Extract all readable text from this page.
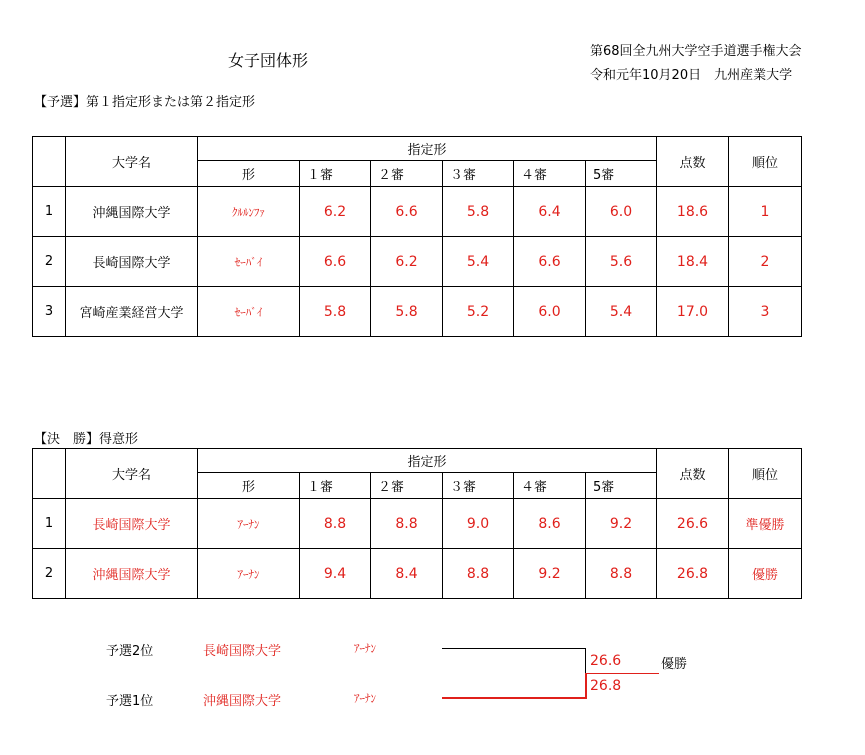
女子団体形	第68回全九州大学空手道選手権大会
令和元年10月20日　九州産業大学
【予選】第１指定形または第２指定形
	大学名	指定形						点数	順位
		形	１審	２審	３審	４審	5審		
1	沖縄国際大学	ｸﾙﾙﾝﾌｧ	6.2	6.6	5.8	6.4	6.0	18.6	1
2	長崎国際大学	ｾｰﾊﾞｲ	6.6	6.2	5.4	6.6	5.6	18.4	2
3	宮崎産業経営大学	ｾｰﾊﾞｲ	5.8	5.8	5.2	6.0	5.4	17.0	3
【決　勝】得意形
	大学名	指定形						点数	順位
		形	１審	２審	３審	４審	5審		
1	長崎国際大学	ｱｰﾅﾝ	8.8	8.8	9.0	8.6	9.2	26.6	準優勝
2	沖縄国際大学	ｱｰﾅﾝ	9.4	8.4	8.8	9.2	8.8	26.8	優勝
予選2位	長崎国際大学	ｱｰﾅﾝ
予選1位	沖縄国際大学	ｱｰﾅﾝ
26.6
26.8
優勝
